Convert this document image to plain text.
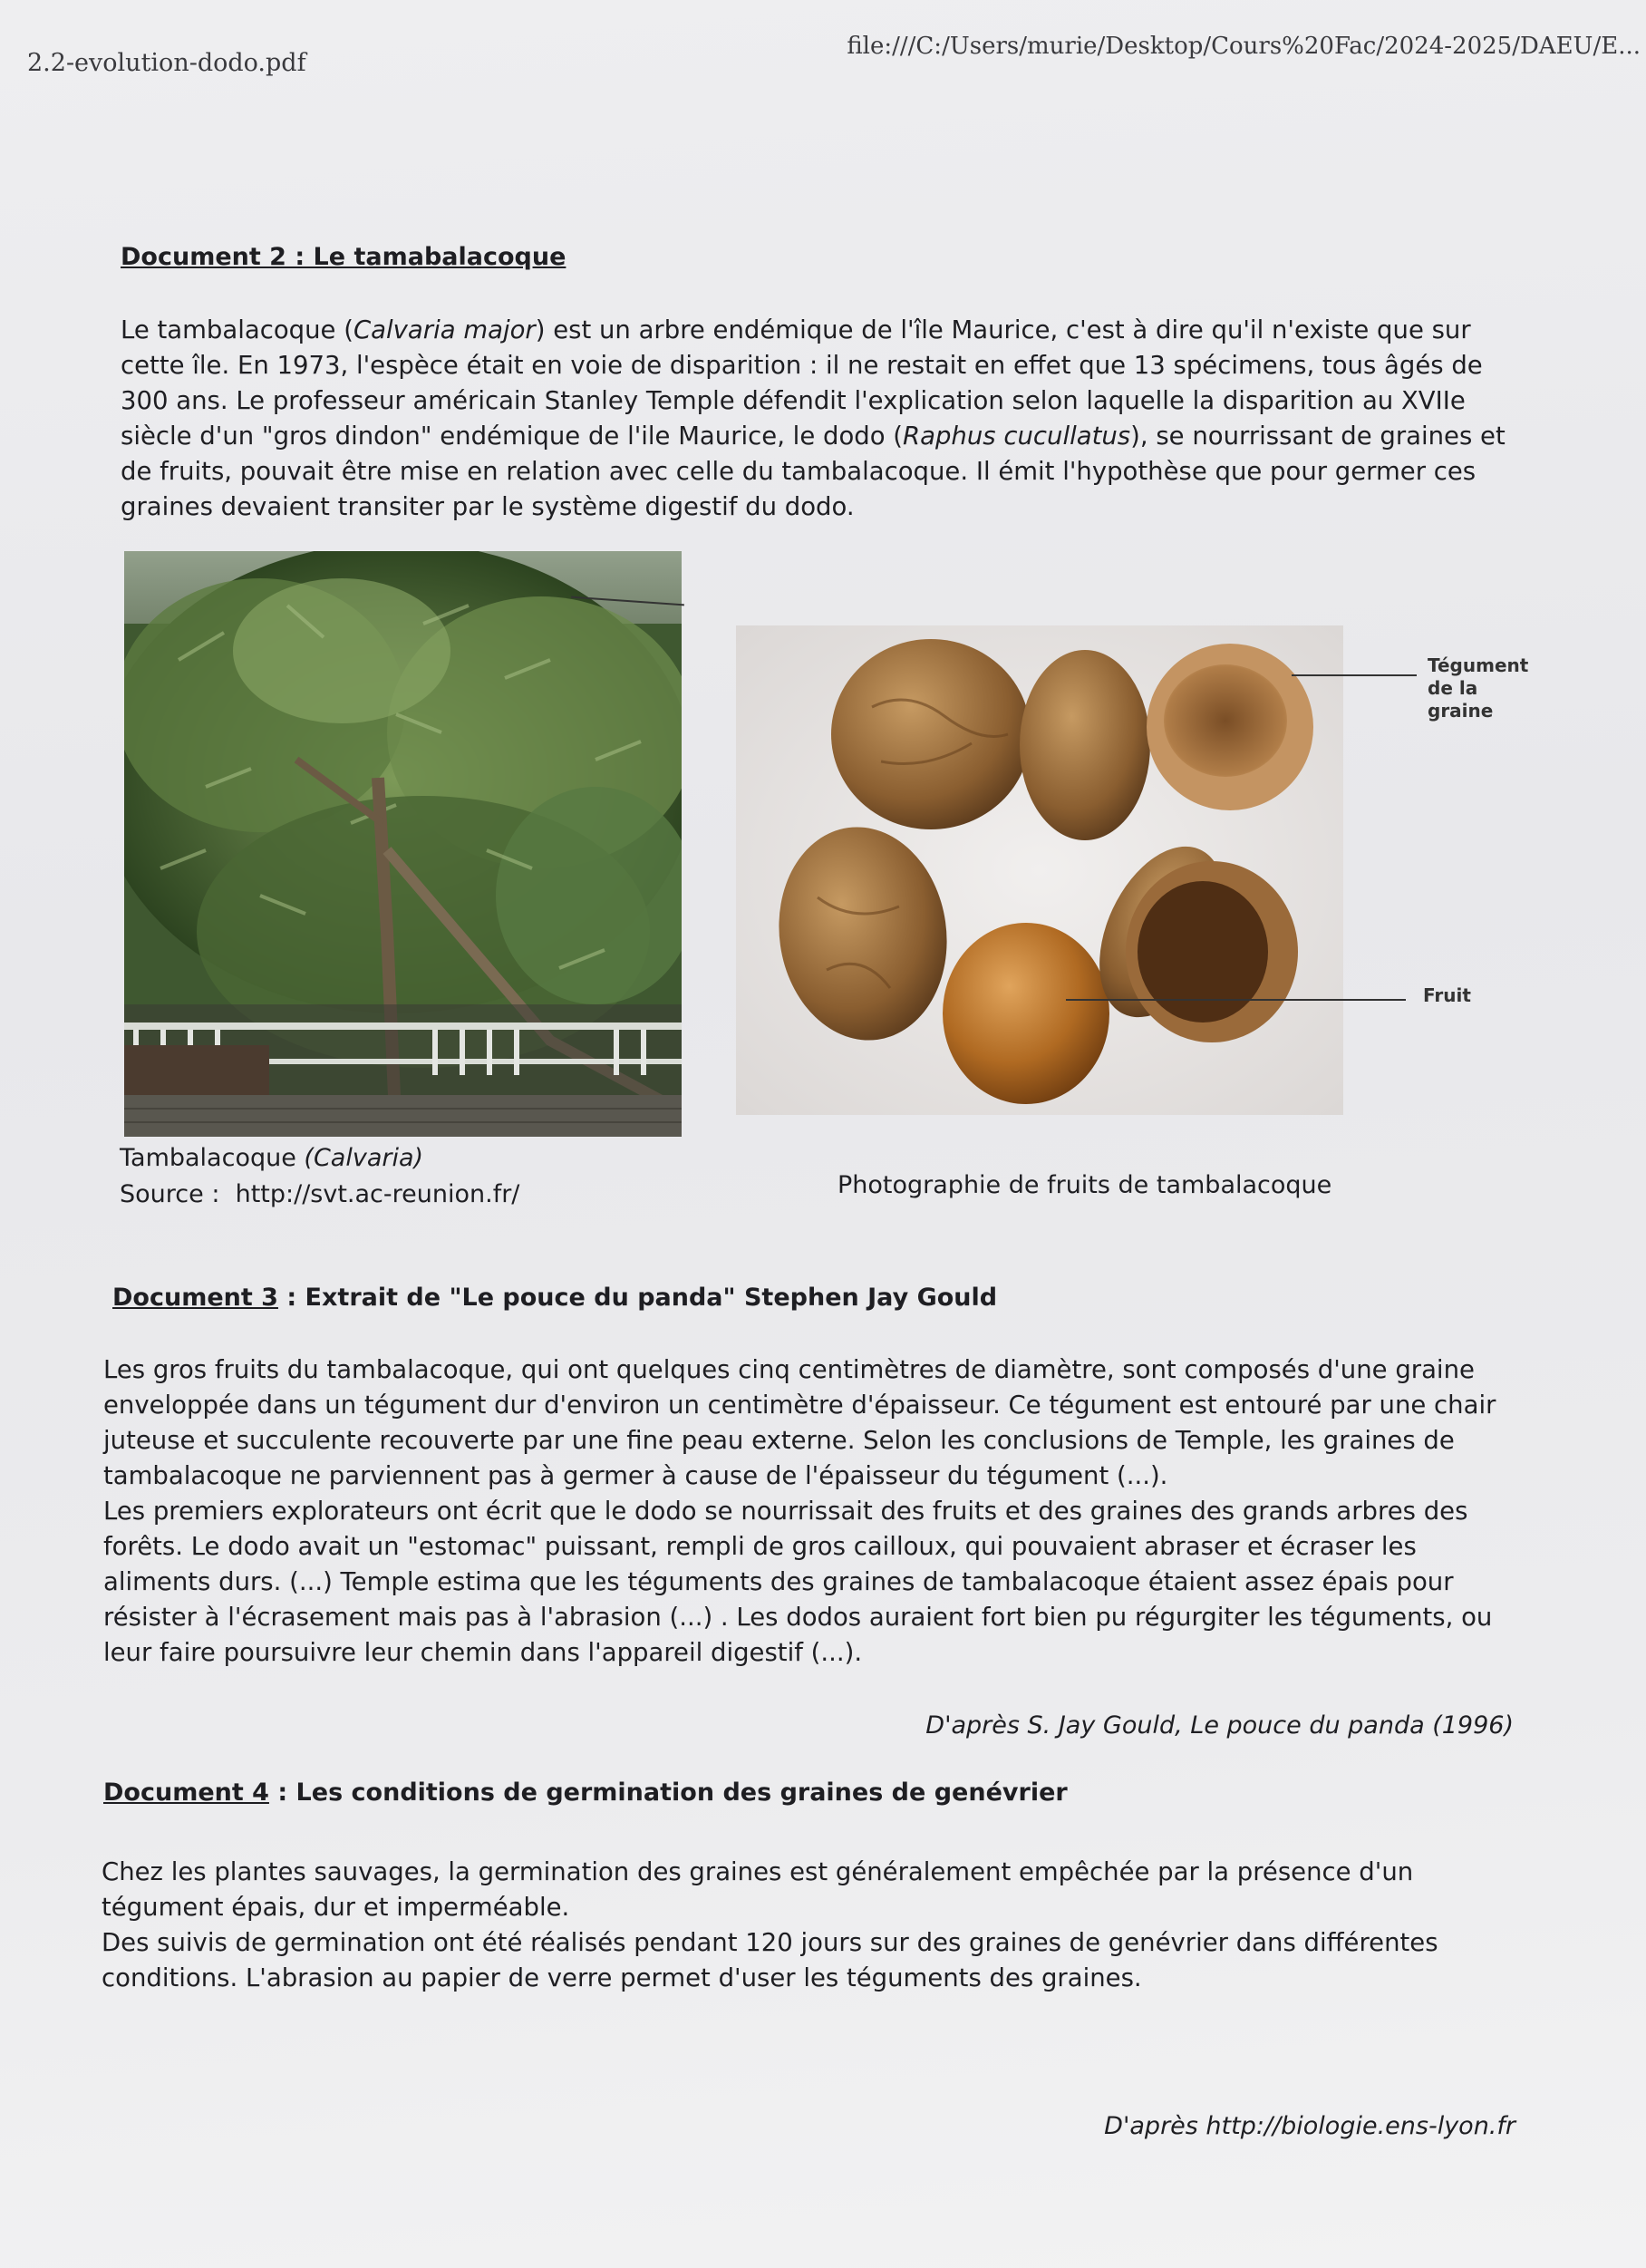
2.2-evolution-dodo.pdf
file:///C:/Users/murie/Desktop/Cours%20Fac/2024-2025/DAEU/E...
Document 2 : Le tamabalacoque

Le tambalacoque (Calvaria major) est un arbre endémique de l'île Maurice, c'est à dire qu'il n'existe que sur cette île. En 1973, l'espèce était en voie de disparition : il ne restait en effet que 13 spécimens, tous âgés de 300 ans. Le professeur américain Stanley Temple défendit l'explication selon laquelle la disparition au XVIIe siècle d'un "gros dindon" endémique de l'ile Maurice, le dodo (Raphus cucullatus), se nourrissant de graines et de fruits, pouvait être mise en relation avec celle du tambalacoque. Il émit l'hypothèse que pour germer ces graines devaient transiter par le système digestif du dodo.

Tégument de la graine
Fruit
Tambalacoque (Calvaria)
Source :  http://svt.ac-reunion.fr/	Photographie de fruits de tambalacoque
Document 3 : Extrait de "Le pouce du panda" Stephen Jay Gould

Les gros fruits du tambalacoque, qui ont quelques cinq centimètres de diamètre, sont composés d'une graine enveloppée dans un tégument dur d'environ un centimètre d'épaisseur. Ce tégument est entouré par une chair juteuse et succulente recouverte par une fine peau externe. Selon les conclusions de Temple, les graines de tambalacoque ne parviennent pas à germer à cause de l'épaisseur du tégument (...).

Les premiers explorateurs ont écrit que le dodo se nourrissait des fruits et des graines des grands arbres des forêts. Le dodo avait un "estomac" puissant, rempli de gros cailloux, qui pouvaient abraser et écraser les aliments durs. (...) Temple estima que les téguments des graines de tambalacoque étaient assez épais pour résister à l'écrasement mais pas à l'abrasion (...) . Les dodos auraient fort bien pu régurgiter les téguments, ou leur faire poursuivre leur chemin dans l'appareil digestif (...).

D'après S. Jay Gould, Le pouce du panda (1996)
Document 4 : Les conditions de germination des graines de genévrier

Chez les plantes sauvages, la germination des graines est généralement empêchée par la présence d'un tégument épais, dur et imperméable.

Des suivis de germination ont été réalisés pendant 120 jours sur des graines de genévrier dans différentes conditions. L'abrasion au papier de verre permet d'user les téguments des graines.

D'après http://biologie.ens-lyon.fr
